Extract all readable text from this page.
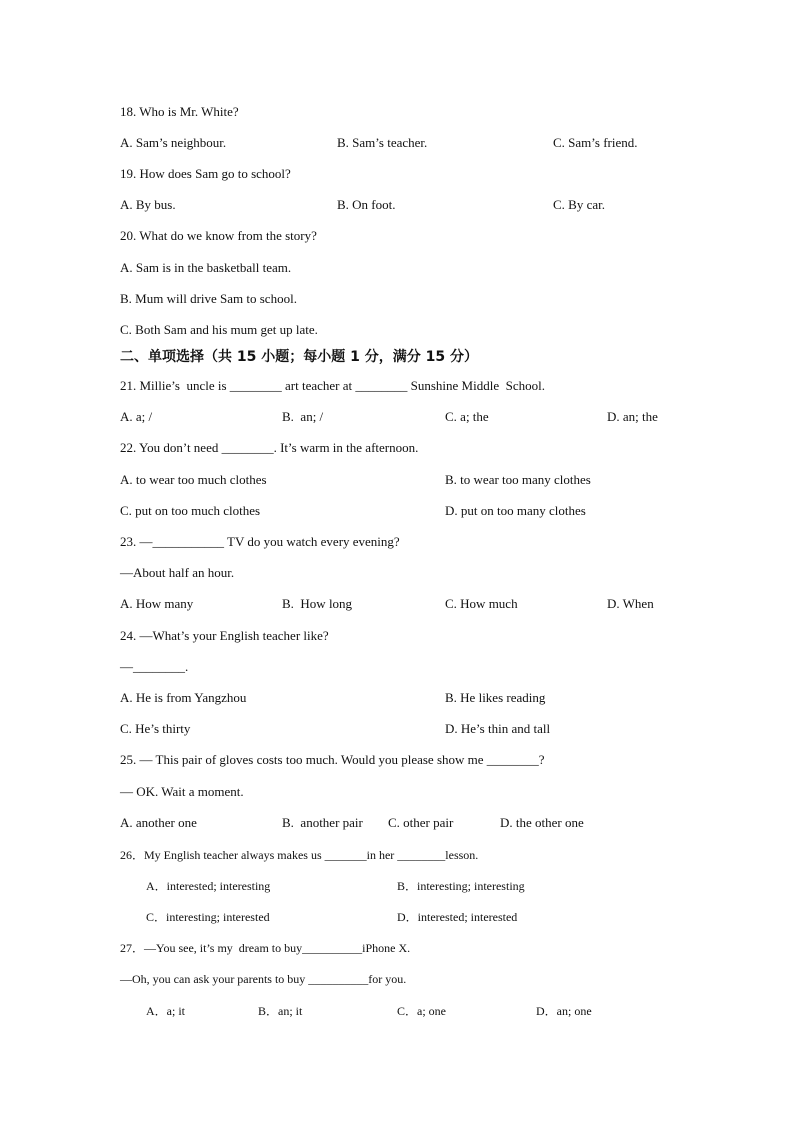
18. Who is Mr. White?
A. Sam’s neighbour.	B. Sam’s teacher.	C. Sam’s friend.
19. How does Sam go to school?
A. By bus.	B. On foot.	C. By car.
20. What do we know from the story?
A. Sam is in the basketball team.
B. Mum will drive Sam to school.
C. Both Sam and his mum get up late.
二、单项选择（共 15 小题；每小题 1 分，满分 15 分）
21. Millie’s  uncle is ________ art teacher at ________ Sunshine Middle  School.
A. a; /	B.  an; /	C. a; the	D. an; the
22. You don’t need ________. It’s warm in the afternoon.
A. to wear too much clothes	B. to wear too many clothes
C. put on too much clothes	D. put on too many clothes
23. —___________ TV do you watch every evening?
—About half an hour.
A. How many	B.  How long	C. How much	D. When
24. —What’s your English teacher like?
—________.
A. He is from Yangzhou	B. He likes reading
C. He’s thirty	D. He’s thin and tall
25. — This pair of gloves costs too much. Would you please show me ________?
— OK. Wait a moment.
A. another one	B.  another pair C. other pair	D. the other one
26．My English teacher always makes us _______in her ________lesson.
A．interested; interesting	B．interesting; interesting
C．interesting; interested	D．interested; interested
27．—You see, it’s my  dream to buy__________iPhone X.
—Oh, you can ask your parents to buy __________for you.
A．a; it	B．an; it	C．a; one	D．an; one
